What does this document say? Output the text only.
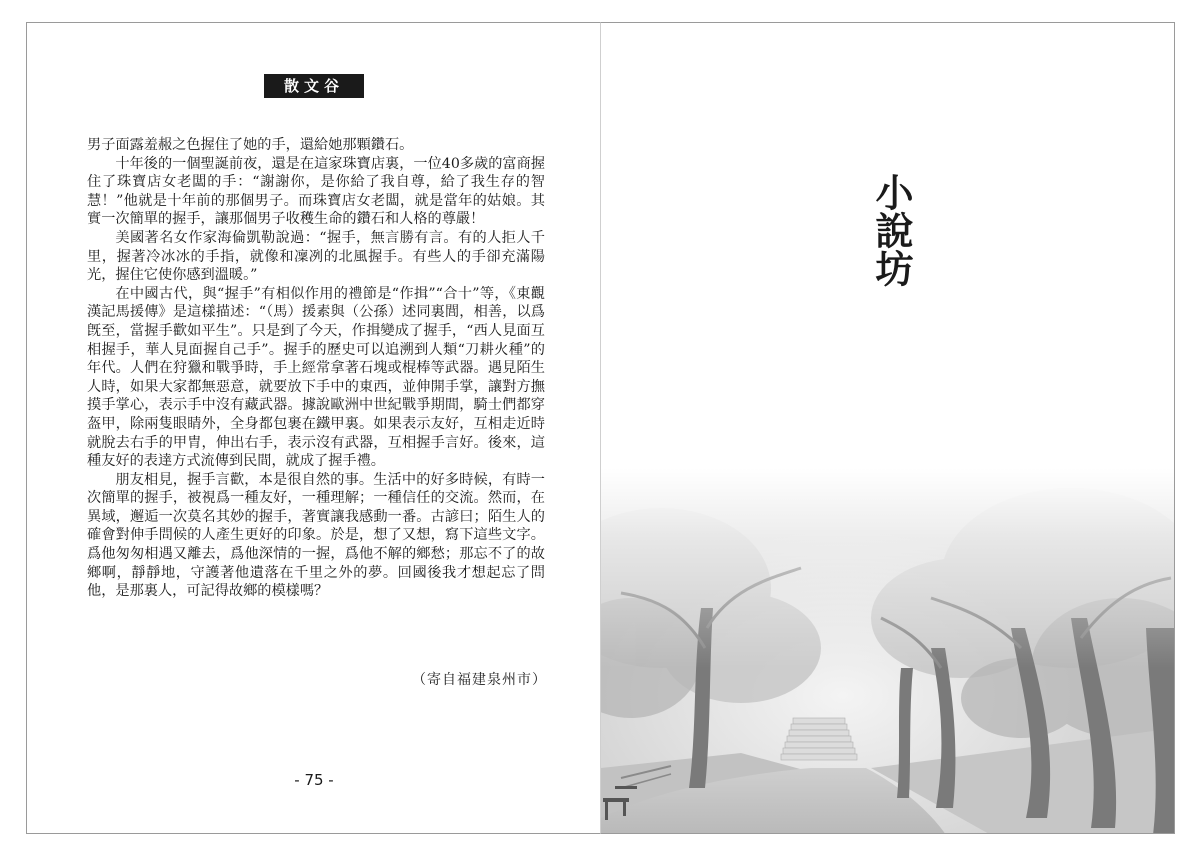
散文谷

男子面露羞赧之色握住了她的手，還給她那顆鑽石。

十年後的一個聖誕前夜，還是在這家珠寶店裏，一位40多歲的富商握住了珠寶店女老闆的手：“謝謝你，是你給了我自尊，給了我生存的智慧！”他就是十年前的那個男子。而珠寶店女老闆，就是當年的姑娘。其實一次簡單的握手，讓那個男子收穫生命的鑽石和人格的尊嚴！

美國著名女作家海倫凱勒說過：“握手，無言勝有言。有的人拒人千里，握著冷冰冰的手指，就像和凜冽的北風握手。有些人的手卻充滿陽光，握住它使你感到溫暖。”

在中國古代，與“握手”有相似作用的禮節是“作揖”“合十”等，《東觀漢記馬援傳》是這樣描述：“（馬）援素與（公孫）述同裏閭，相善，以爲旣至，當握手歡如平生”。只是到了今天，作揖變成了握手，“西人見面互相握手，華人見面握自己手”。握手的歷史可以追溯到人類“刀耕火種”的年代。人們在狩獵和戰爭時，手上經常拿著石塊或棍棒等武器。遇見陌生人時，如果大家都無惡意，就要放下手中的東西，並伸開手掌，讓對方撫摸手掌心，表示手中沒有藏武器。據說歐洲中世紀戰爭期間，騎士們都穿盔甲，除兩隻眼睛外，全身都包裹在鐵甲裏。如果表示友好，互相走近時就脫去右手的甲胄，伸出右手，表示沒有武器，互相握手言好。後來，這種友好的表達方式流傳到民間，就成了握手禮。

朋友相見，握手言歡，本是很自然的事。生活中的好多時候，有時一次簡單的握手，被視爲一種友好，一種理解；一種信任的交流。然而，在異域，邂逅一次莫名其妙的握手，著實讓我感動一番。古諺曰；陌生人的確會對伸手問候的人產生更好的印象。於是，想了又想，寫下這些文字。爲他匆匆相遇又離去，爲他深情的一握，爲他不解的鄉愁；那忘不了的故鄉啊，靜靜地，守護著他遺落在千里之外的夢。回國後我才想起忘了問他，是那裏人，可記得故鄉的模樣嗎？

（寄自福建泉州市）
- 75 -
小說坊
